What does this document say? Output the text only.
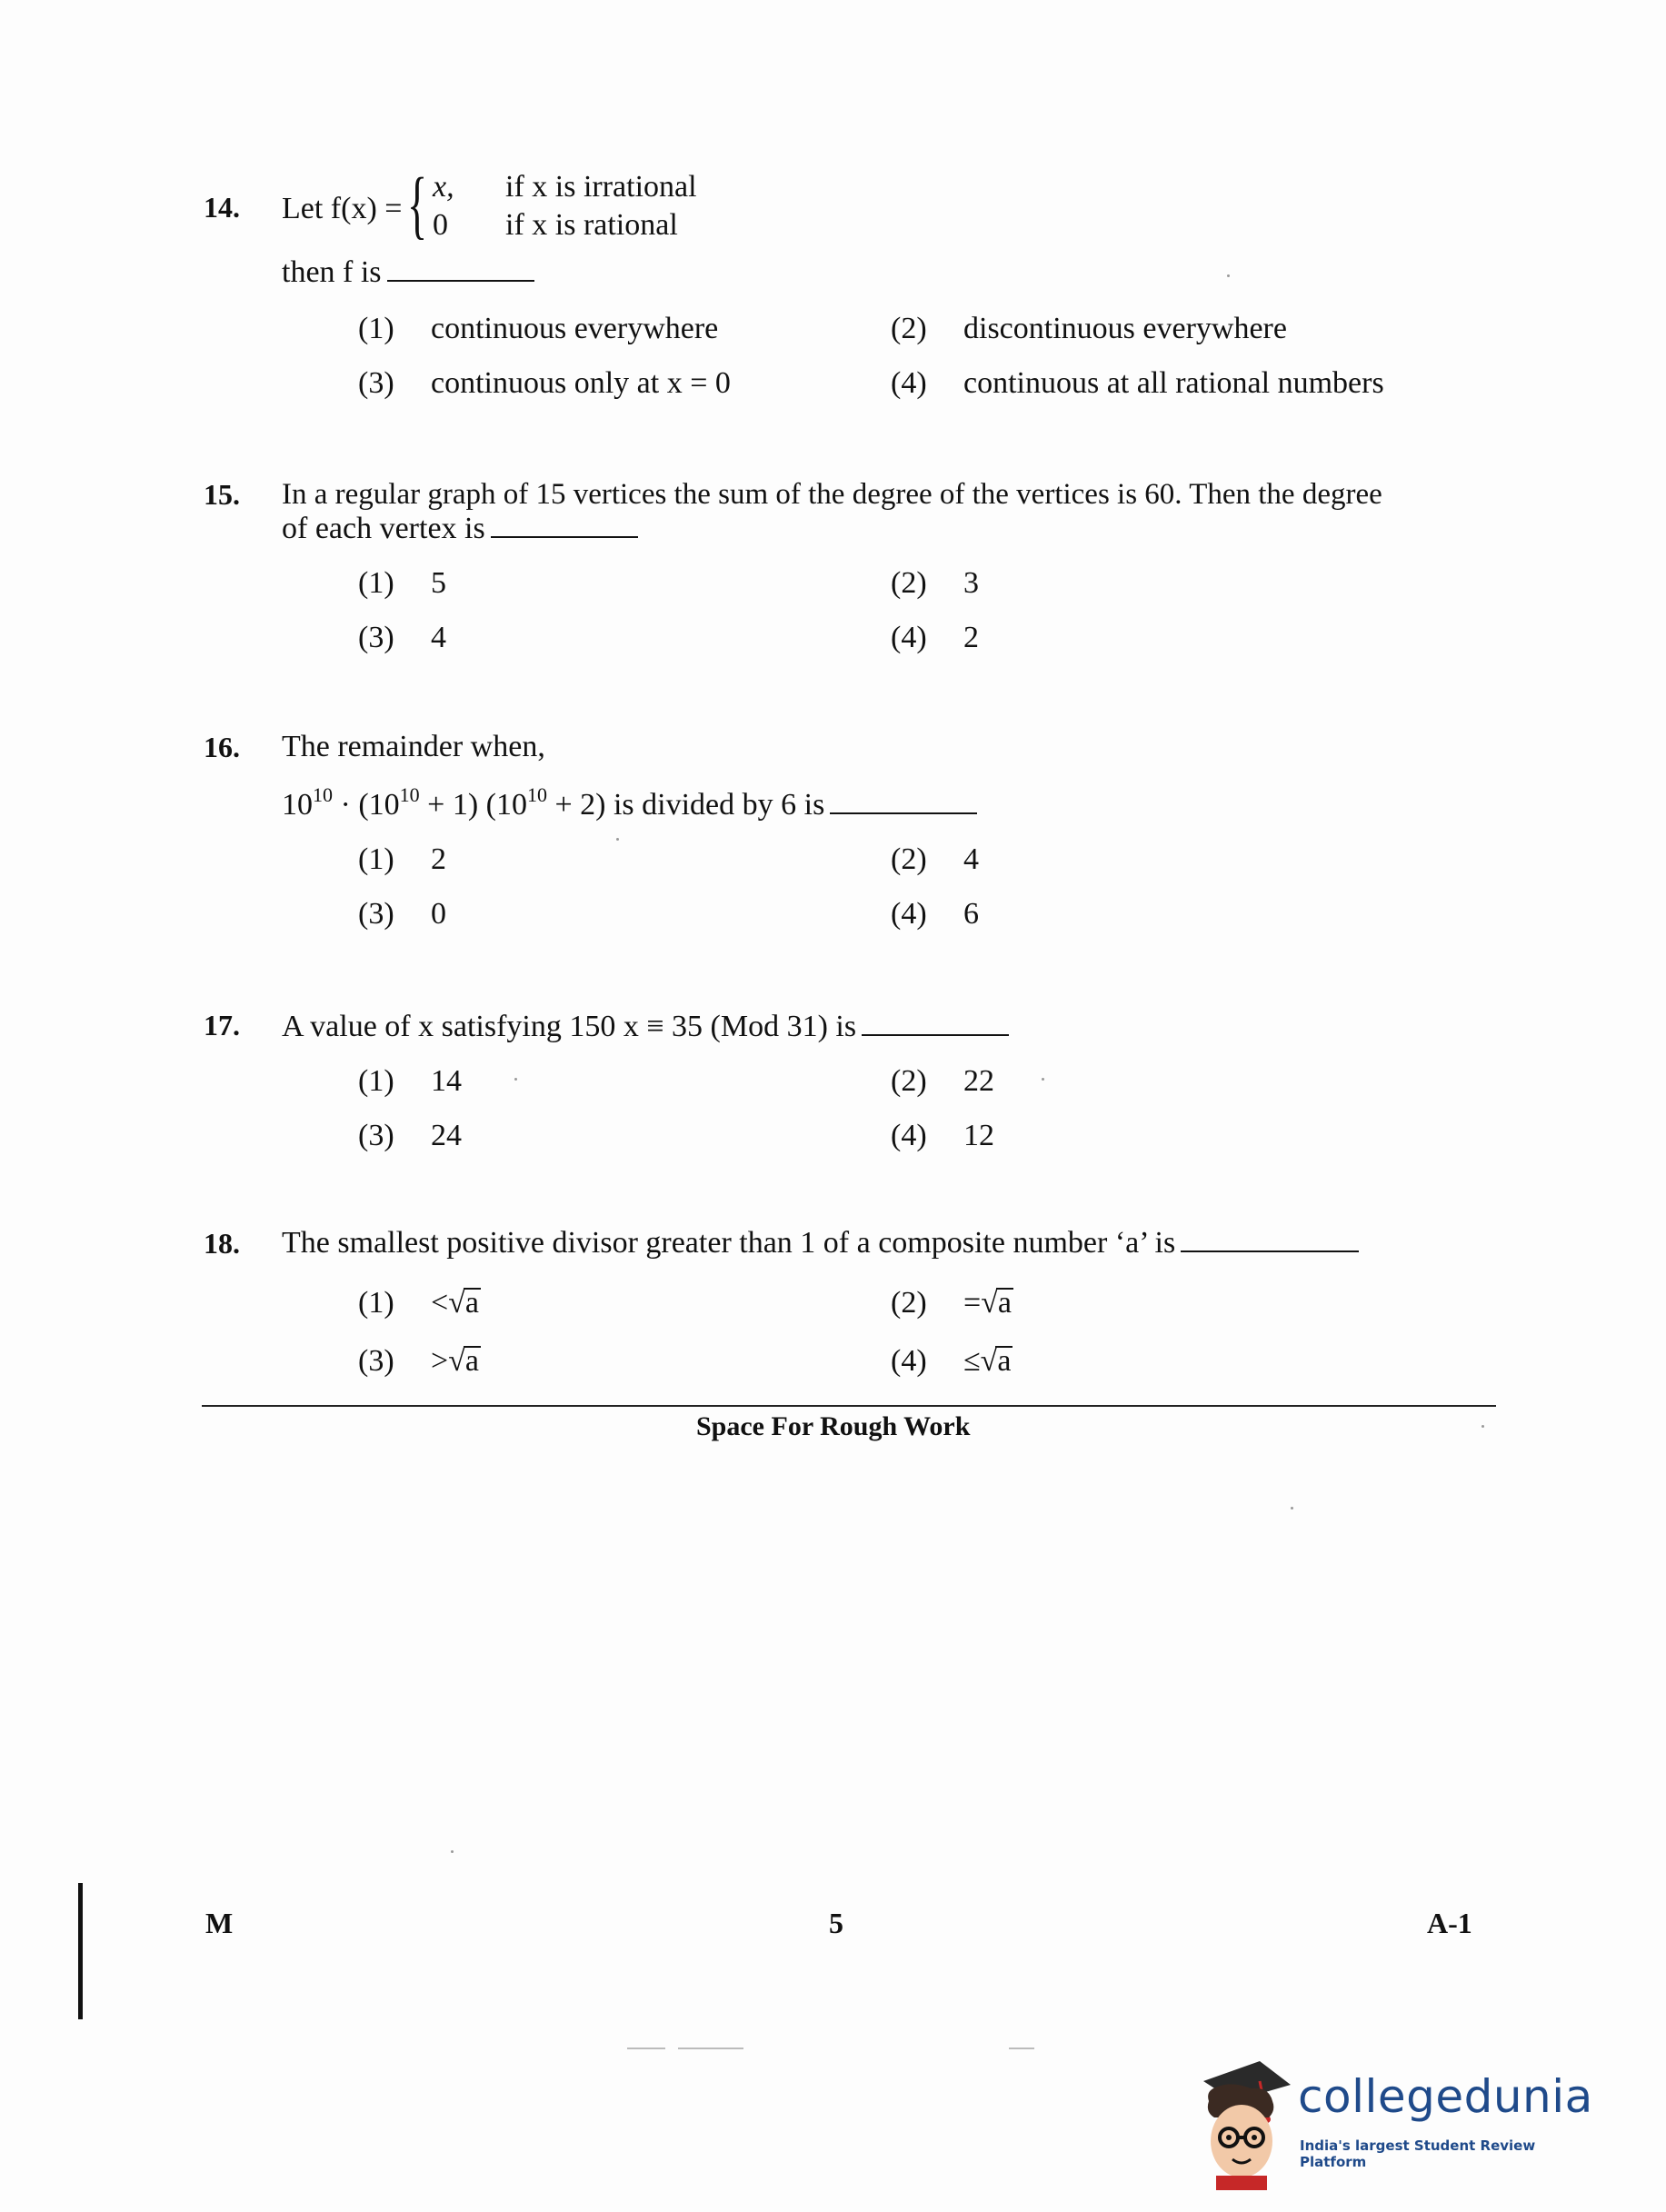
14. Let f(x) = { x, if x is irrational
0 if x is rational
then f is
(1) continuous everywhere	(2) discontinuous everywhere
(3) continuous only at x = 0	(4) continuous at all rational numbers
15. In a regular graph of 15 vertices the sum of the degree of the vertices is 60. Then the degree
of each vertex is
(1) 5	(2) 3
(3) 4	(4) 2
16. The remainder when,
$10^{10} \cdot (10^{10} + 1) (10^{10} + 2)$ is divided by 6 is
(1) 2	(2) 4
(3) 0	(4) 6
17. A value of x satisfying 150 x ≡ 35 (Mod 31) is
(1) 14	(2) 22
(3) 24	(4) 12
18. The smallest positive divisor greater than 1 of a composite number ‘a’ is
(1) <√a	(2) =√a
(3) >√a	(4) ≤√a
Space For Rough Work
M	5	A-1
collegedunia
India's largest Student Review Platform
